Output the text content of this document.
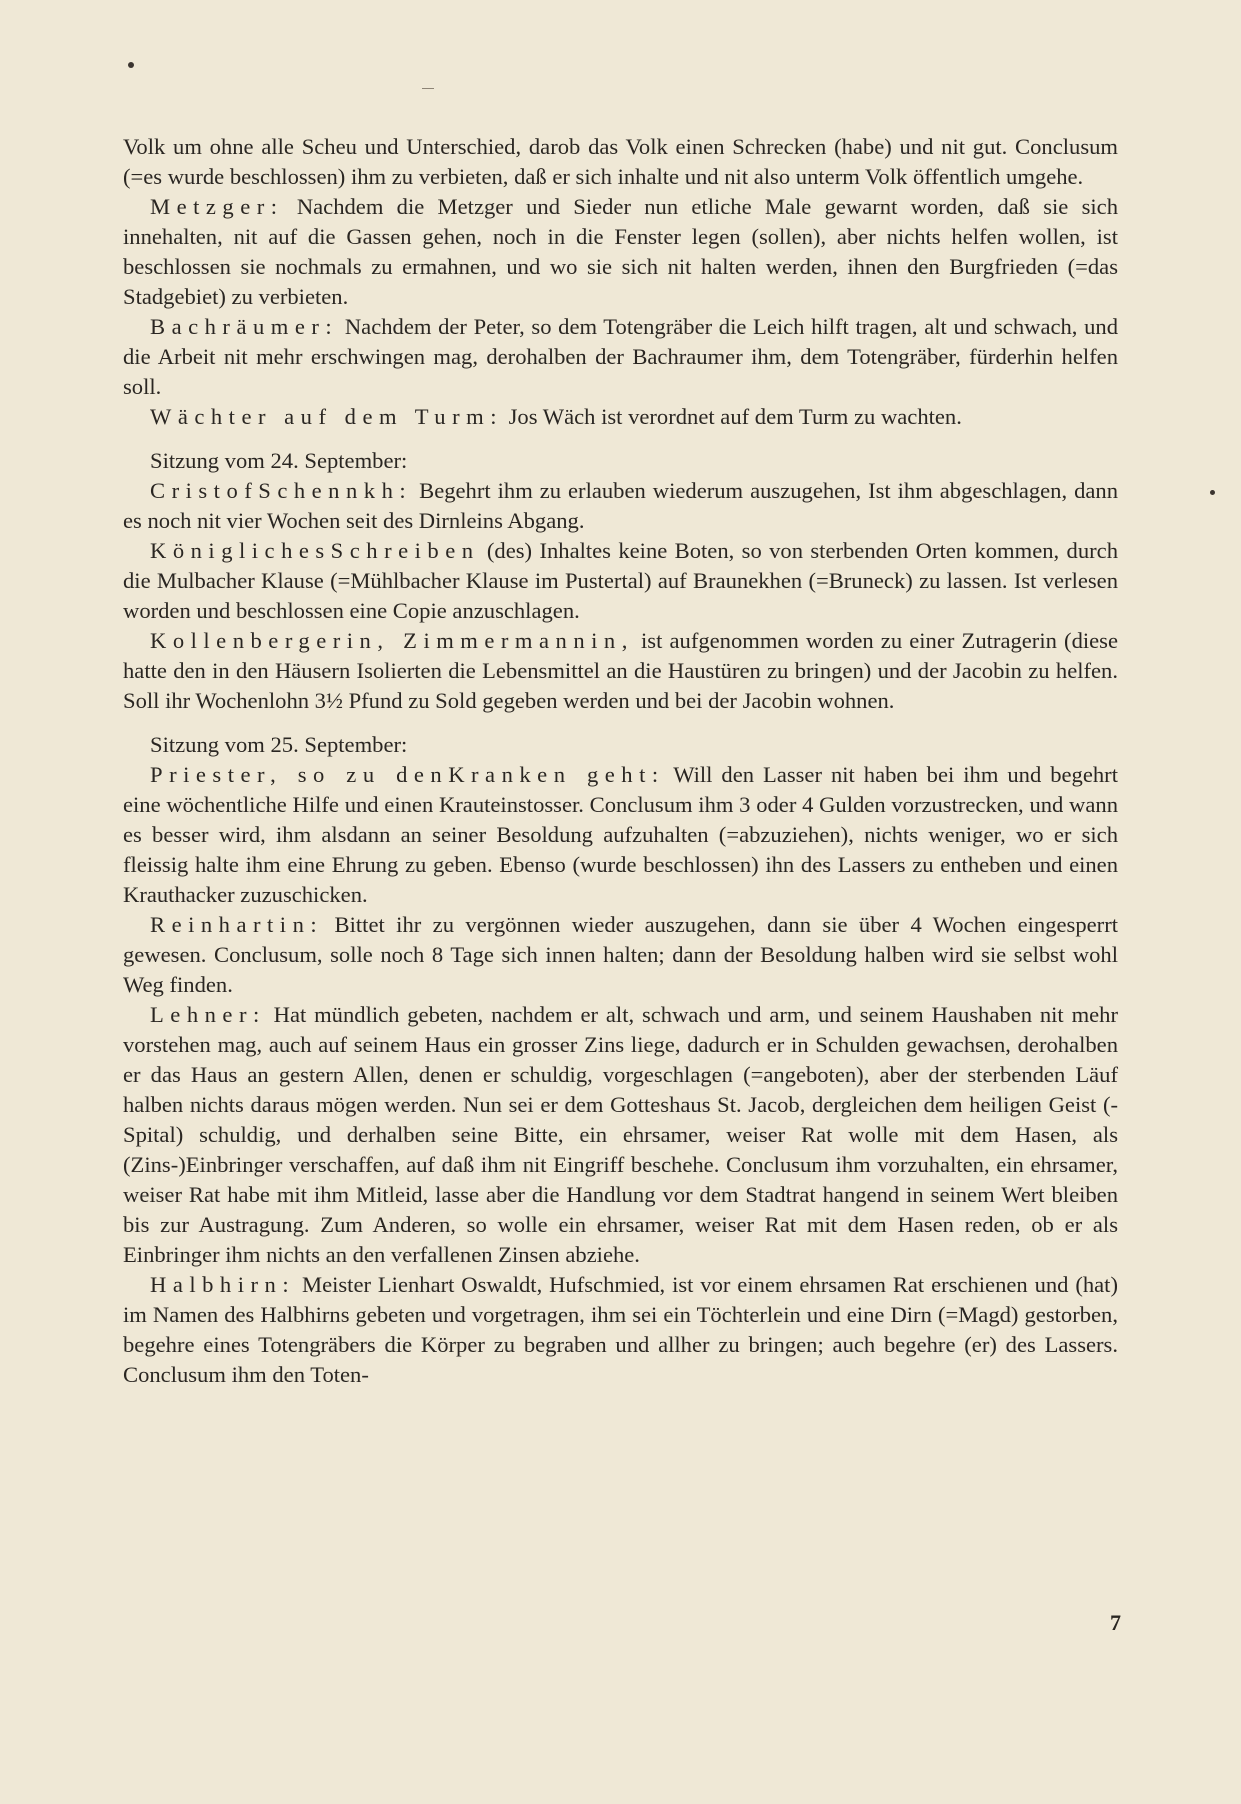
Volk um ohne alle Scheu und Unterschied, darob das Volk einen Schrecken (habe) und nit gut. Conclusum (=es wurde beschlossen) ihm zu verbieten, daß er sich inhalte und nit also unterm Volk öffentlich umgehe.

Metzger: Nachdem die Metzger und Sieder nun etliche Male gewarnt worden, daß sie sich innehalten, nit auf die Gassen gehen, noch in die Fenster legen (sollen), aber nichts helfen wollen, ist beschlossen sie nochmals zu ermahnen, und wo sie sich nit halten werden, ihnen den Burgfrieden (=das Stadgebiet) zu verbieten.

Bachräumer: Nachdem der Peter, so dem Totengräber die Leich hilft tragen, alt und schwach, und die Arbeit nit mehr erschwingen mag, derohalben der Bachraumer ihm, dem Totengräber, fürderhin helfen soll.

Wächter auf dem Turm: Jos Wäch ist verordnet auf dem Turm zu wachten.

Sitzung vom 24. September:

CristofSchennkh: Begehrt ihm zu erlauben wiederum auszugehen, Ist ihm abgeschlagen, dann es noch nit vier Wochen seit des Dirnleins Abgang.

KöniglichesSchreiben (des) Inhaltes keine Boten, so von sterbenden Orten kommen, durch die Mulbacher Klause (=Mühlbacher Klause im Pustertal) auf Braunekhen (=Bruneck) zu lassen. Ist verlesen worden und beschlossen eine Copie anzuschlagen.

Kollenbergerin, Zimmermannin, ist aufgenommen worden zu einer Zutragerin (diese hatte den in den Häusern Isolierten die Lebensmittel an die Haustüren zu bringen) und der Jacobin zu helfen. Soll ihr Wochenlohn 3½ Pfund zu Sold gegeben werden und bei der Jacobin wohnen.

Sitzung vom 25. September:

Priester, so zu denKranken geht: Will den Lasser nit haben bei ihm und begehrt eine wöchentliche Hilfe und einen Krauteinstosser. Conclusum ihm 3 oder 4 Gulden vorzustrecken, und wann es besser wird, ihm alsdann an seiner Besoldung aufzuhalten (=abzuziehen), nichts weniger, wo er sich fleissig halte ihm eine Ehrung zu geben. Ebenso (wurde beschlossen) ihn des Lassers zu entheben und einen Krauthacker zuzuschicken.

Reinhartin: Bittet ihr zu vergönnen wieder auszugehen, dann sie über 4 Wochen eingesperrt gewesen. Conclusum, solle noch 8 Tage sich innen halten; dann der Besoldung halben wird sie selbst wohl Weg finden.

Lehner: Hat mündlich gebeten, nachdem er alt, schwach und arm, und seinem Haushaben nit mehr vorstehen mag, auch auf seinem Haus ein grosser Zins liege, dadurch er in Schulden gewachsen, derohalben er das Haus an gestern Allen, denen er schuldig, vorgeschlagen (=angeboten), aber der sterbenden Läuf halben nichts daraus mögen werden. Nun sei er dem Gotteshaus St. Jacob, dergleichen dem heiligen Geist (-Spital) schuldig, und derhalben seine Bitte, ein ehrsamer, weiser Rat wolle mit dem Hasen, als (Zins-)Einbringer verschaffen, auf daß ihm nit Eingriff beschehe. Conclusum ihm vorzuhalten, ein ehrsamer, weiser Rat habe mit ihm Mitleid, lasse aber die Handlung vor dem Stadtrat hangend in seinem Wert bleiben bis zur Austragung. Zum Anderen, so wolle ein ehrsamer, weiser Rat mit dem Hasen reden, ob er als Einbringer ihm nichts an den verfallenen Zinsen abziehe.

Halbhirn: Meister Lienhart Oswaldt, Hufschmied, ist vor einem ehrsamen Rat erschienen und (hat) im Namen des Halbhirns gebeten und vorgetragen, ihm sei ein Töchterlein und eine Dirn (=Magd) gestorben, begehre eines Totengräbers die Körper zu begraben und allher zu bringen; auch begehre (er) des Lassers. Conclusum ihm den Toten-

7
